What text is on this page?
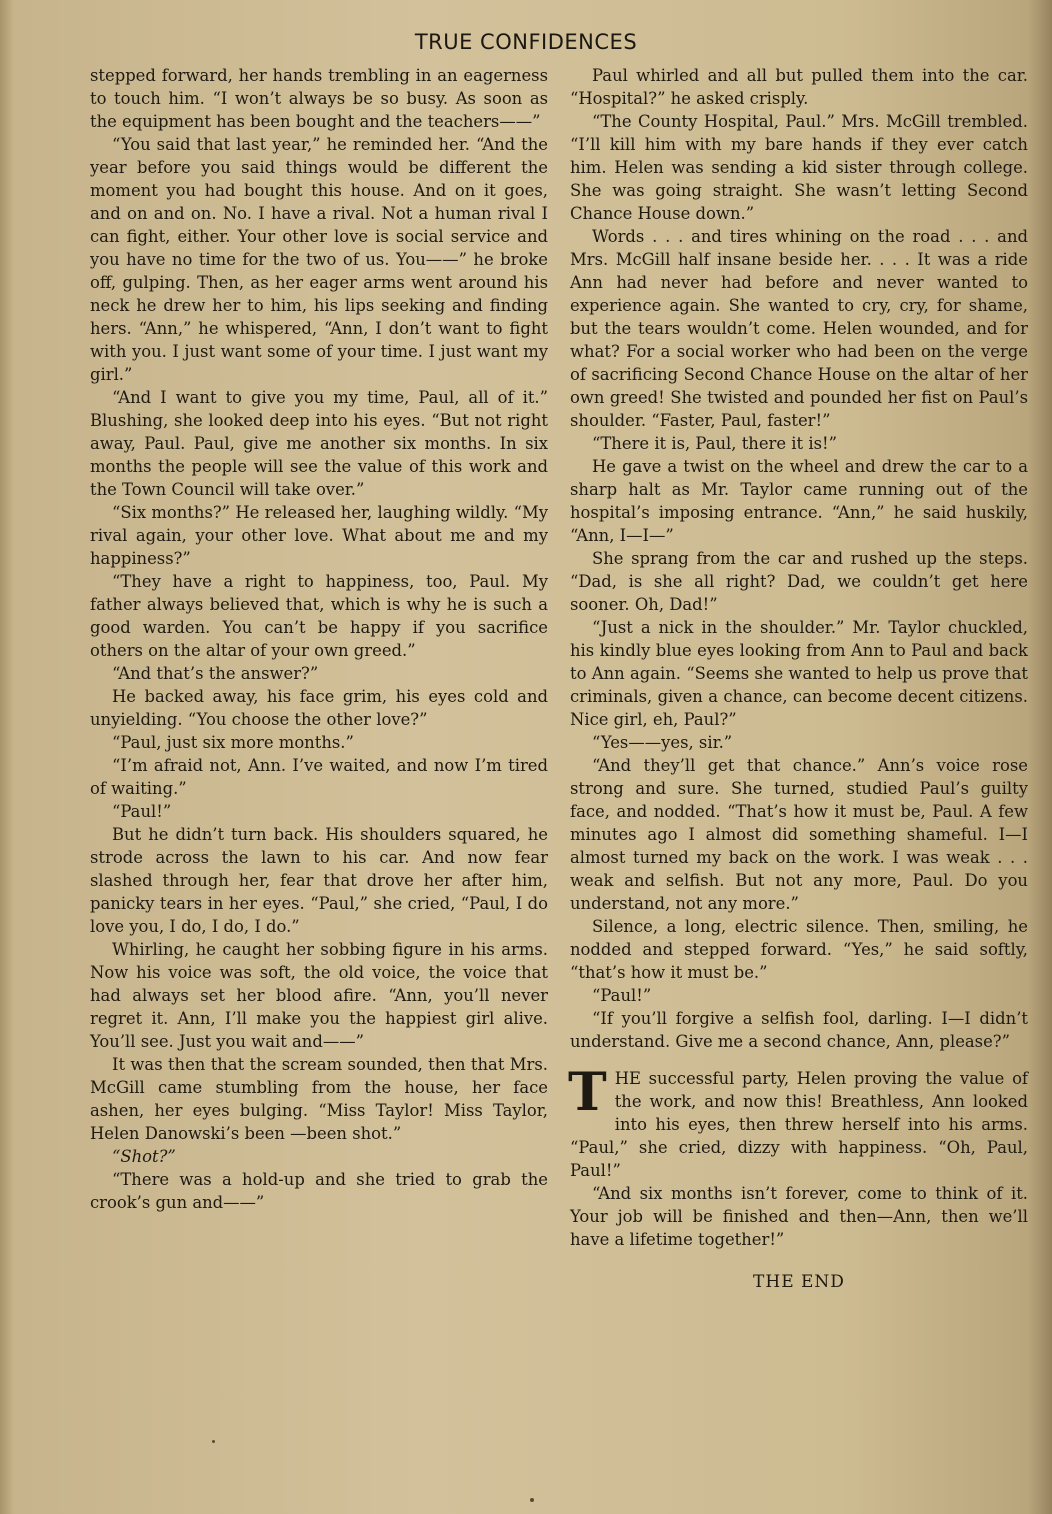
TRUE CONFIDENCES

stepped forward, her hands trembling in an eagerness to touch him. “I won’t always be so busy. As soon as the equipment has been bought and the teachers——”

“You said that last year,” he reminded her. “And the year before you said things would be different the moment you had bought this house. And on it goes, and on and on. No. I have a rival. Not a human rival I can fight, either. Your other love is social service and you have no time for the two of us. You——” he broke off, gulping. Then, as her eager arms went around his neck he drew her to him, his lips seeking and finding hers. “Ann,” he whispered, “Ann, I don’t want to fight with you. I just want some of your time. I just want my girl.”

“And I want to give you my time, Paul, all of it.” Blushing, she looked deep into his eyes. “But not right away, Paul. Paul, give me another six months. In six months the people will see the value of this work and the Town Council will take over.”

“Six months?” He released her, laughing wildly. “My rival again, your other love. What about me and my happiness?”

“They have a right to happiness, too, Paul. My father always believed that, which is why he is such a good warden. You can’t be happy if you sacrifice others on the altar of your own greed.”

“And that’s the answer?”

He backed away, his face grim, his eyes cold and unyielding. “You choose the other love?”

“Paul, just six more months.”

“I’m afraid not, Ann. I’ve waited, and now I’m tired of waiting.”

“Paul!”

But he didn’t turn back. His shoulders squared, he strode across the lawn to his car. And now fear slashed through her, fear that drove her after him, panicky tears in her eyes. “Paul,” she cried, “Paul, I do love you, I do, I do, I do.”

Whirling, he caught her sobbing figure in his arms. Now his voice was soft, the old voice, the voice that had always set her blood afire. “Ann, you’ll never regret it. Ann, I’ll make you the happiest girl alive. You’ll see. Just you wait and——”

It was then that the scream sounded, then that Mrs. McGill came stumbling from the house, her face ashen, her eyes bulging. “Miss Taylor! Miss Taylor, Helen Danowski’s been —been shot.”

“Shot?”

“There was a hold-up and she tried to grab the crook’s gun and——”

Paul whirled and all but pulled them into the car. “Hospital?” he asked crisply.

“The County Hospital, Paul.” Mrs. McGill trembled. “I’ll kill him with my bare hands if they ever catch him. Helen was sending a kid sister through college. She was going straight. She wasn’t letting Second Chance House down.”

Words . . . and tires whining on the road . . . and Mrs. McGill half insane beside her. . . . It was a ride Ann had never had before and never wanted to experience again. She wanted to cry, cry, for shame, but the tears wouldn’t come. Helen wounded, and for what? For a social worker who had been on the verge of sacrificing Second Chance House on the altar of her own greed! She twisted and pounded her fist on Paul’s shoulder. “Faster, Paul, faster!”

“There it is, Paul, there it is!”

He gave a twist on the wheel and drew the car to a sharp halt as Mr. Taylor came running out of the hospital’s imposing entrance. “Ann,” he said huskily, “Ann, I—I—”

She sprang from the car and rushed up the steps. “Dad, is she all right? Dad, we couldn’t get here sooner. Oh, Dad!”

“Just a nick in the shoulder.” Mr. Taylor chuckled, his kindly blue eyes looking from Ann to Paul and back to Ann again. “Seems she wanted to help us prove that criminals, given a chance, can become decent citizens. Nice girl, eh, Paul?”

“Yes——yes, sir.”

“And they’ll get that chance.” Ann’s voice rose strong and sure. She turned, studied Paul’s guilty face, and nodded. “That’s how it must be, Paul. A few minutes ago I almost did something shameful. I—I almost turned my back on the work. I was weak . . . weak and selfish. But not any more, Paul. Do you understand, not any more.”

Silence, a long, electric silence. Then, smiling, he nodded and stepped forward. “Yes,” he said softly, “that’s how it must be.”

“Paul!”

“If you’ll forgive a selfish fool, darling. I—I didn’t understand. Give me a second chance, Ann, please?”

THE successful party, Helen proving the value of the work, and now this! Breathless, Ann looked into his eyes, then threw herself into his arms. “Paul,” she cried, dizzy with happiness. “Oh, Paul, Paul!”

“And six months isn’t forever, come to think of it. Your job will be finished and then—Ann, then we’ll have a lifetime together!”

THE END
